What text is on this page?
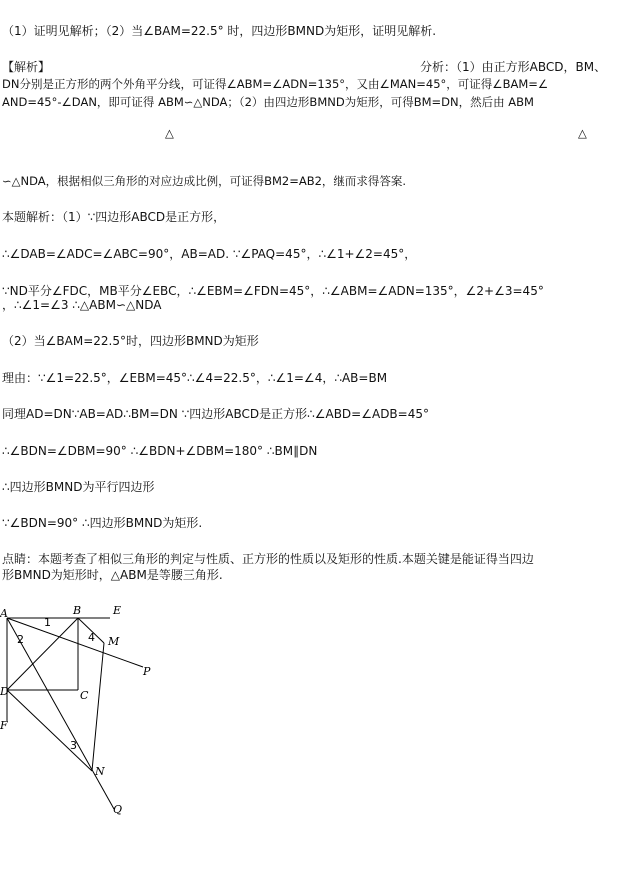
（1）证明见解析；（2）当∠BAM=22.5° 时，四边形BMND为矩形，证明见解析.
【解析】	分析：（1）由正方形ABCD，BM、
DN分别是正方形的两个外角平分线，可证得∠ABM=∠ADN=135°，又由∠MAN=45°，可证得∠BAM=∠
AND=45°-∠DAN，即可证得 ABM∽△NDA；（2）由四边形BMND为矩形，可得BM=DN，然后由 ABM
△	△
∽△NDA，根据相似三角形的对应边成比例，可证得BM2=AB2，继而求得答案.
本题解析：（1）∵四边形ABCD是正方形，
∴∠DAB=∠ADC=∠ABC=90°，AB=AD. ∵∠PAQ=45°，∴∠1+∠2=45°，
∵ND平分∠FDC，MB平分∠EBC，∴∠EBM=∠FDN=45°，∴∠ABM=∠ADN=135°，∠2+∠3=45°
，∴∠1=∠3 ∴△ABM∽△NDA
（2）当∠BAM=22.5°时，四边形BMND为矩形
理由：∵∠1=22.5°，∠EBM=45°∴∠4=22.5°，∴∠1=∠4，∴AB=BM
同理AD=DN∵AB=AD∴BM=DN ∵四边形ABCD是正方形∴∠ABD=∠ADB=45°
∴∠BDN=∠DBM=90° ∴∠BDN+∠DBM=180° ∴BM∥DN
∴四边形BMND为平行四边形
∵∠BDN=90° ∴四边形BMND为矩形.
点睛：本题考查了相似三角形的判定与性质、正方形的性质以及矩形的性质.本题关键是能证得当四边
形BMND为矩形时，△ABM是等腰三角形.
A	B	E
M
P
D	C
F
N
Q
1
2
3
4
